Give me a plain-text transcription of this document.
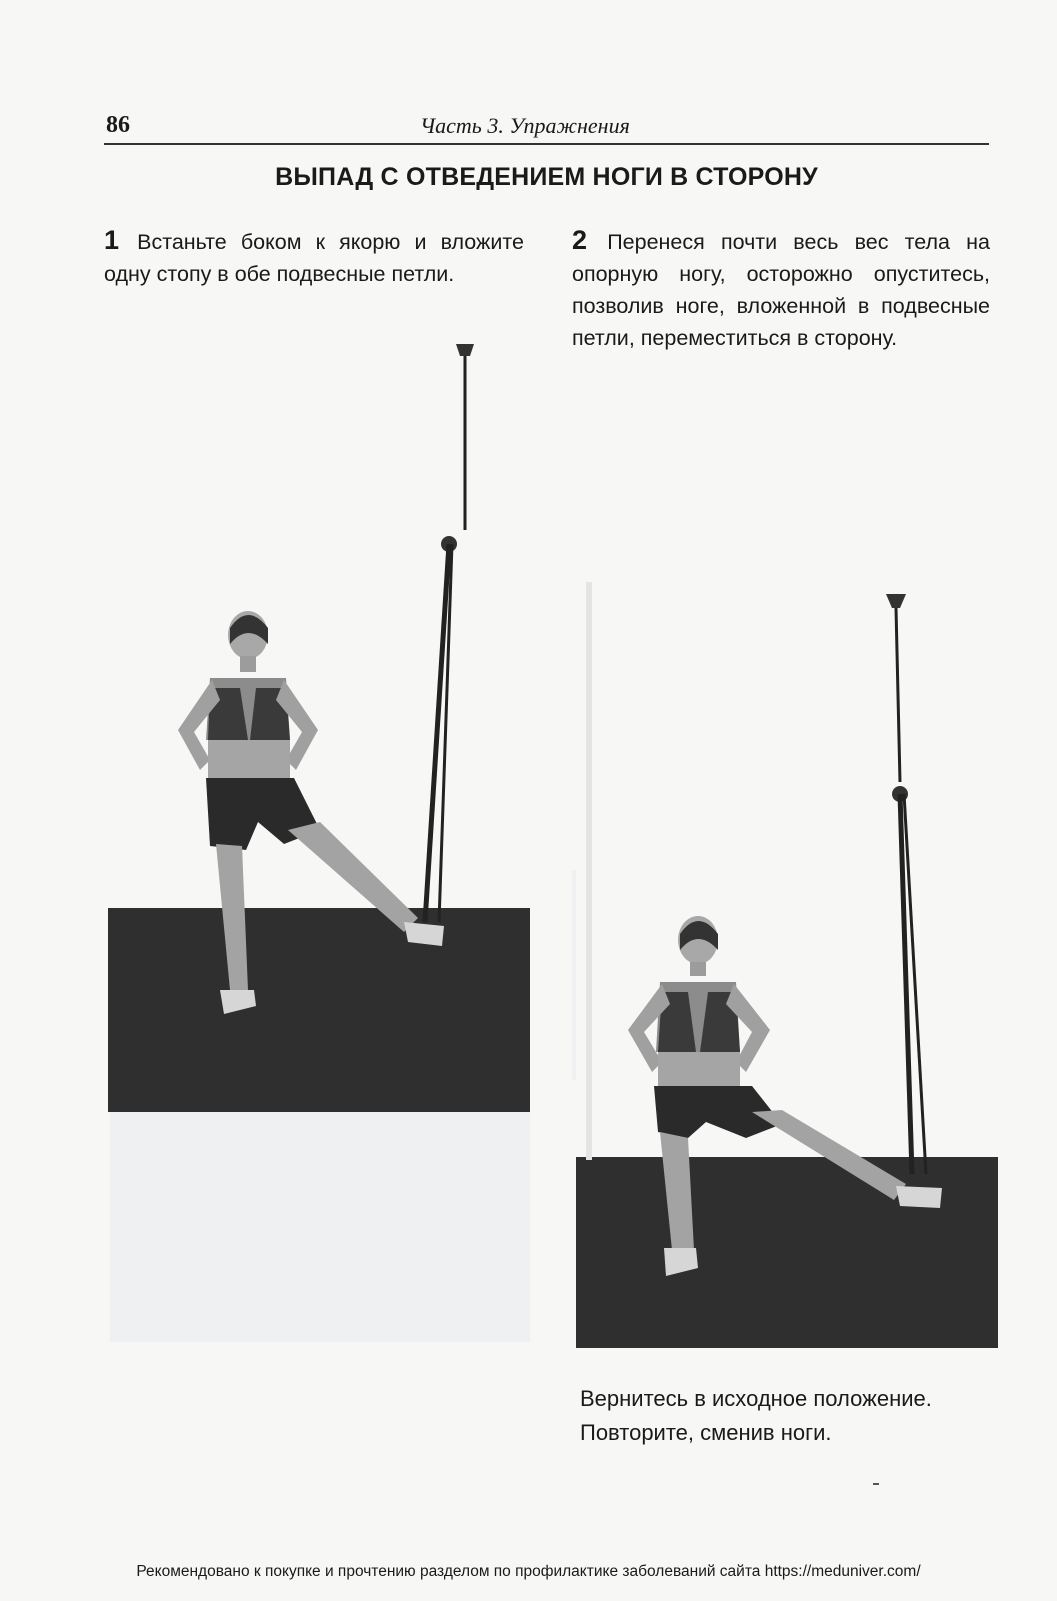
86	Часть 3. Упражнения
ВЫПАД С ОТВЕДЕНИЕМ НОГИ В СТОРОНУ
1 Встаньте боком к якорю и вложите одну стопу в обе подвесные петли.
2 Перенеся почти весь вес тела на опорную ногу, осторожно опуститесь, позволив ноге, вложенной в подвесные петли, переместиться в сторону.
Вернитесь в исходное положение.
Повторите, сменив ноги.
Рекомендовано к покупке и прочтению разделом по профилактике заболеваний сайта https://meduniver.com/
